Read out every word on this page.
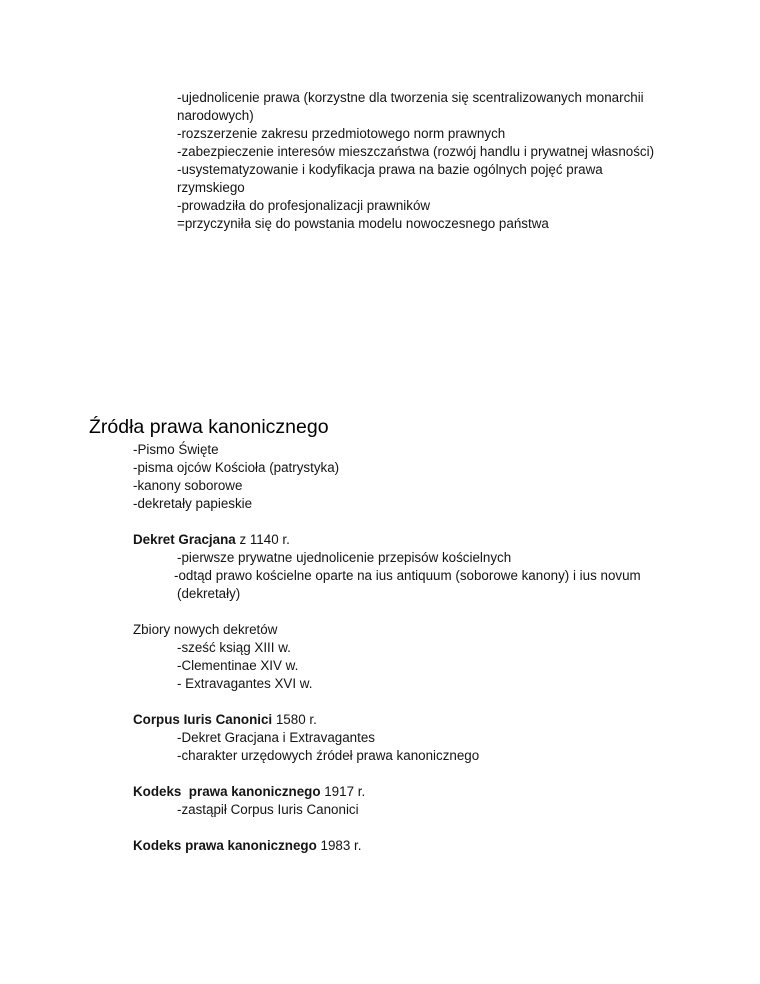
-ujednolicenie prawa (korzystne dla tworzenia się scentralizowanych monarchii
narodowych)
-rozszerzenie zakresu przedmiotowego norm prawnych
-zabezpieczenie interesów mieszczaństwa (rozwój handlu i prywatnej własności)
-usystematyzowanie i kodyfikacja prawa na bazie ogólnych pojęć prawa
rzymskiego
-prowadziła do profesjonalizacji prawników
=przyczyniła się do powstania modelu nowoczesnego państwa
Źródła prawa kanonicznego
-Pismo Święte
-pisma ojców Kościoła (patrystyka)
-kanony soborowe
-dekretały papieskie
Dekret Gracjana z 1140 r.
-pierwsze prywatne ujednolicenie przepisów kościelnych
-odtąd prawo kościelne oparte na ius antiquum (soborowe kanony) i ius novum
(dekretały)
Zbiory nowych dekretów
-sześć ksiąg XIII w.
-Clementinae XIV w.
- Extravagantes XVI w.
Corpus Iuris Canonici 1580 r.
-Dekret Gracjana i Extravagantes
-charakter urzędowych źródeł prawa kanonicznego
Kodeks  prawa kanonicznego 1917 r.
-zastąpił Corpus Iuris Canonici
Kodeks prawa kanonicznego 1983 r.
